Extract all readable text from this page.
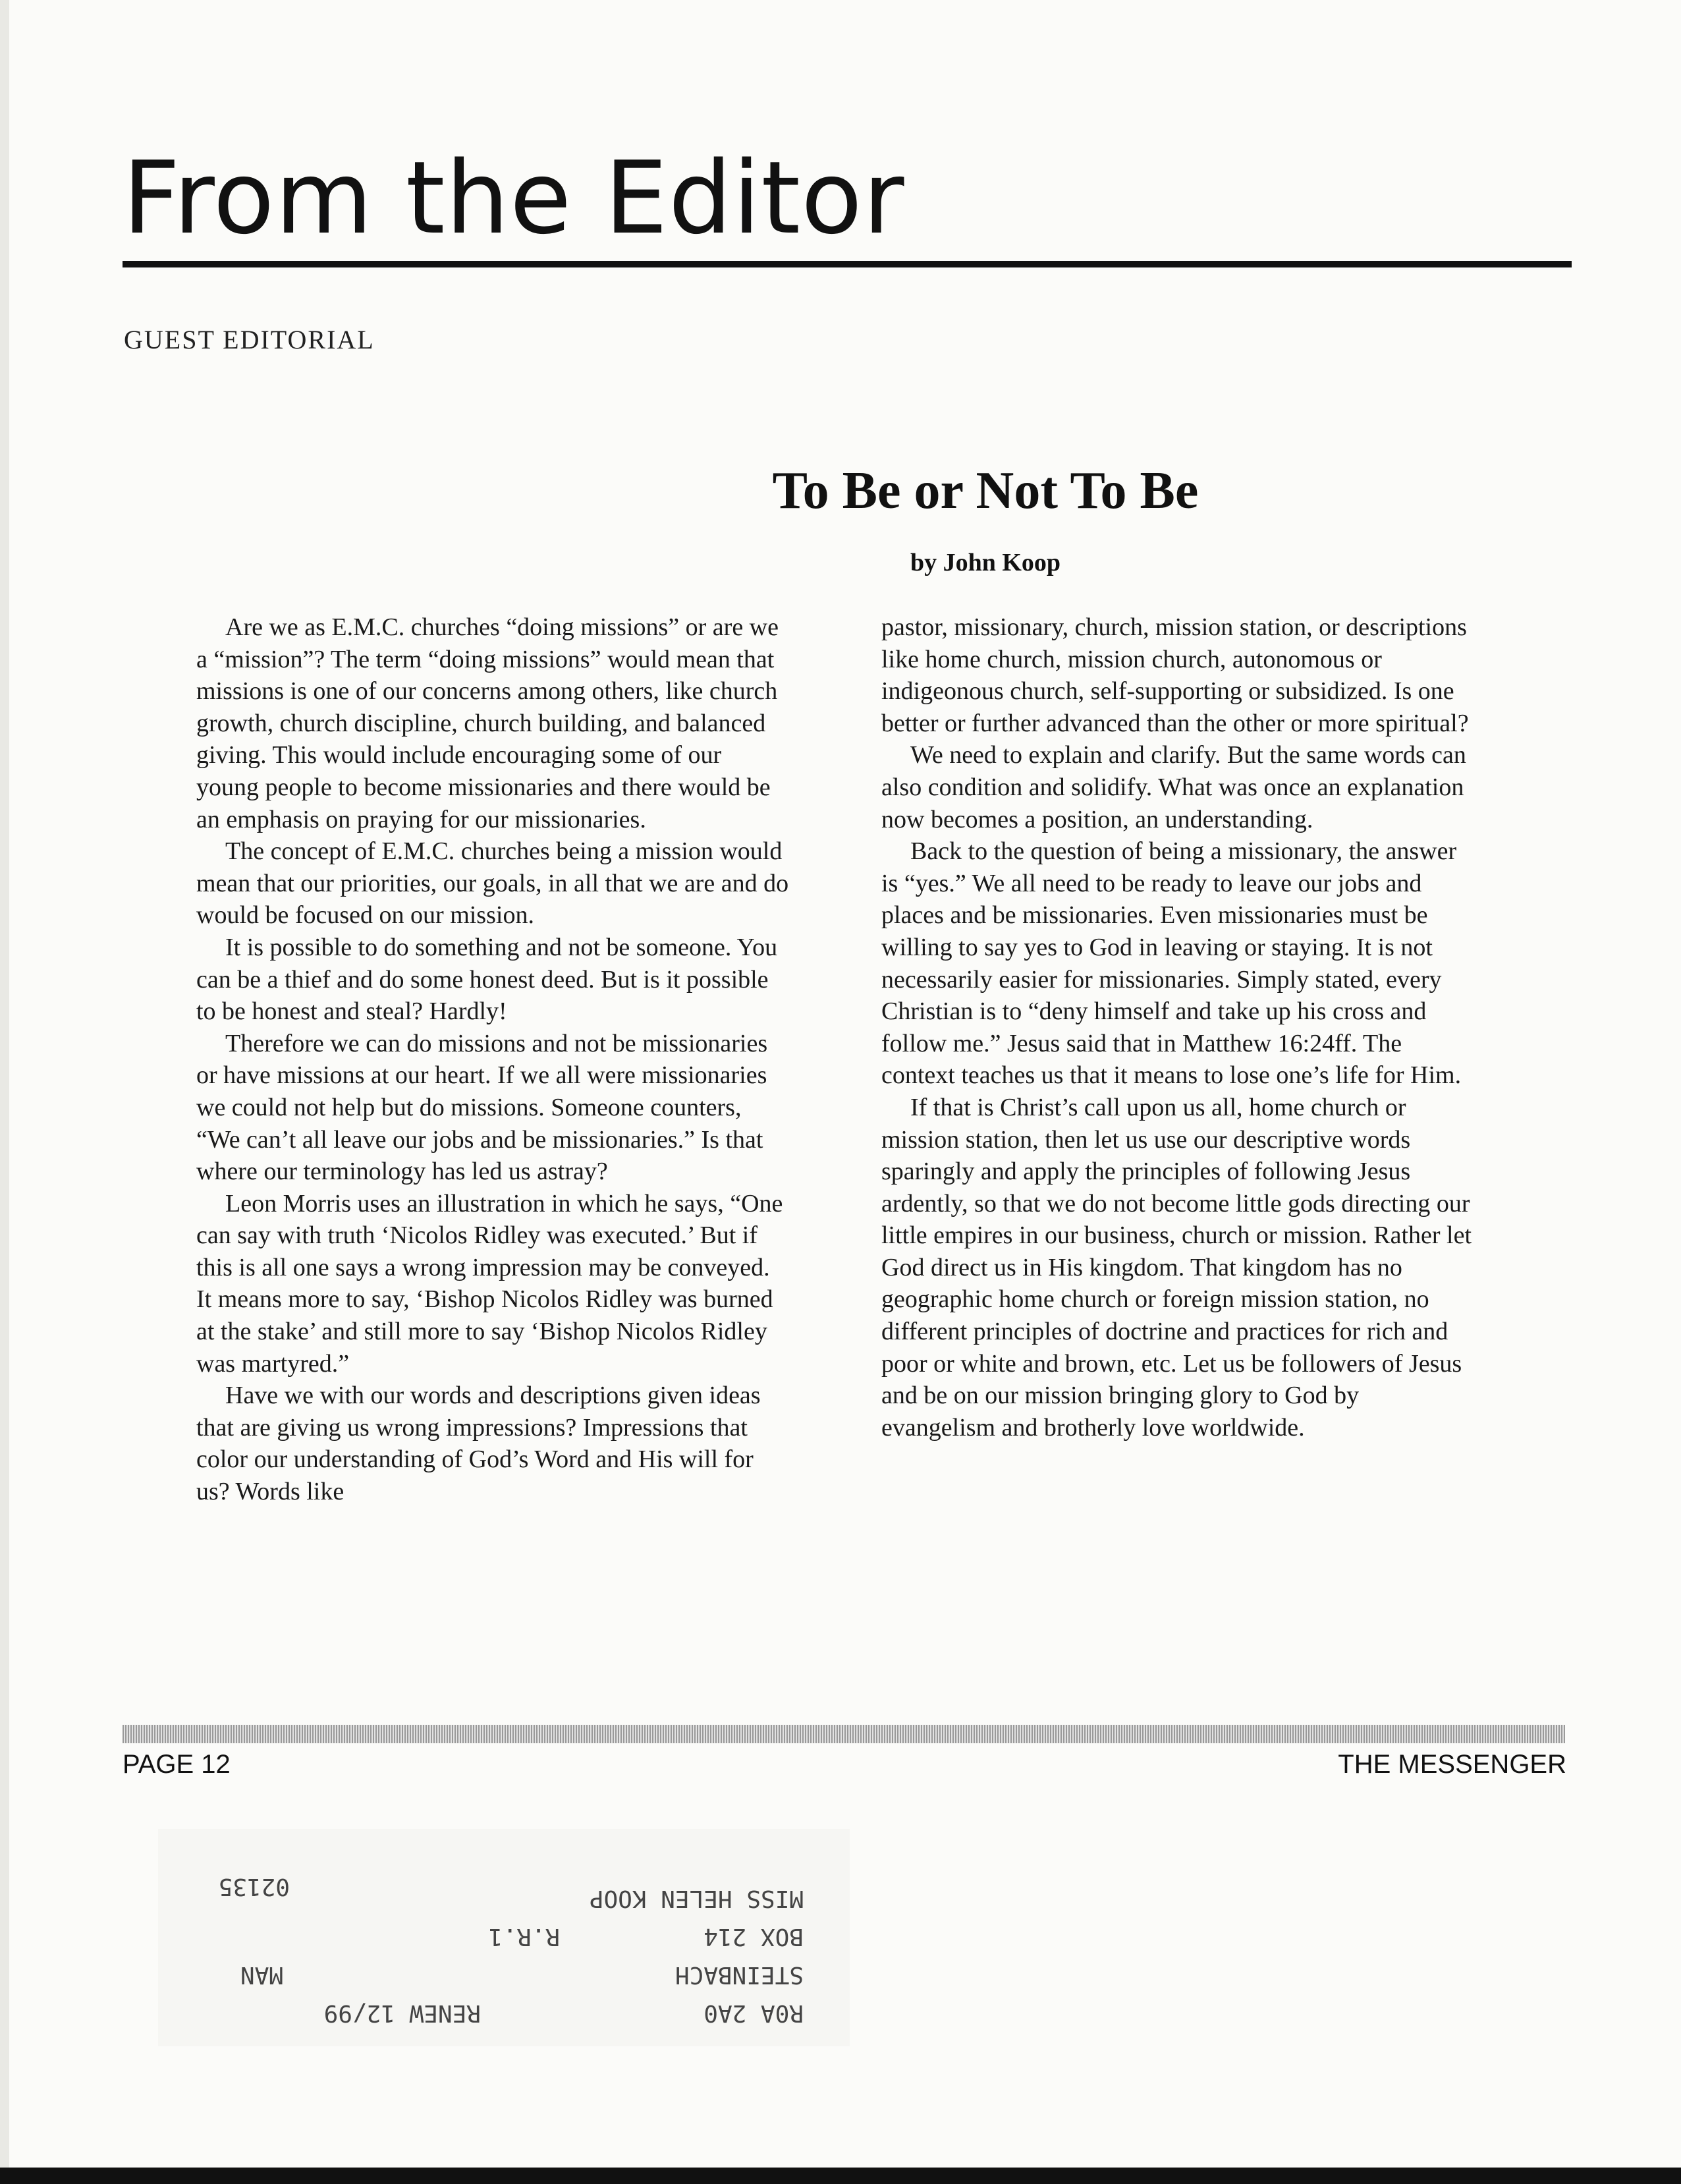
From the Editor
GUEST EDITORIAL
To Be or Not To Be
by John Koop

Are we as E.M.C. churches “doing missions” or are we a “mission”? The term “doing missions” would mean that missions is one of our concerns among others, like church growth, church discipline, church building, and balanced giving. This would include encouraging some of our young people to become missionaries and there would be an emphasis on praying for our missionaries.

The concept of E.M.C. churches being a mission would mean that our priorities, our goals, in all that we are and do would be focused on our mission.

It is possible to do something and not be someone. You can be a thief and do some honest deed. But is it possible to be honest and steal? Hardly!

Therefore we can do missions and not be missionaries or have missions at our heart. If we all were missionaries we could not help but do missions. Someone counters, “We can’t all leave our jobs and be missionaries.” Is that where our terminology has led us astray?

Leon Morris uses an illustration in which he says, “One can say with truth ‘Nicolos Ridley was executed.’ But if this is all one says a wrong impression may be conveyed. It means more to say, ‘Bishop Nicolos Ridley was burned at the stake’ and still more to say ‘Bishop Nicolos Ridley was martyred.”

Have we with our words and descriptions given ideas that are giving us wrong impressions? Impressions that color our understanding of God’s Word and His will for us? Words like

pastor, missionary, church, mission station, or descriptions like home church, mission church, autonomous or indigeonous church, self-supporting or subsidized. Is one better or further advanced than the other or more spiritual?

We need to explain and clarify. But the same words can also condition and solidify. What was once an explanation now becomes a position, an understanding.

Back to the question of being a missionary, the answer is “yes.” We all need to be ready to leave our jobs and places and be missionaries. Even missionaries must be willing to say yes to God in leaving or staying. It is not necessarily easier for missionaries. Simply stated, every Christian is to “deny himself and take up his cross and follow me.” Jesus said that in Matthew 16:24ff. The context teaches us that it means to lose one’s life for Him.

If that is Christ’s call upon us all, home church or mission station, then let us use our descriptive words sparingly and apply the principles of following Jesus ardently, so that we do not become little gods directing our little empires in our business, church or mission. Rather let God direct us in His kingdom. That kingdom has no geographic home church or foreign mission station, no different principles of doctrine and practices for rich and poor or white and brown, etc. Let us be followers of Jesus and be on our mission bringing glory to God by evangelism and brotherly love worldwide.

PAGE 12	THE MESSENGER
R0A 2A0
RENEW 12/99
STEINBACH
MAN
BOX 214
R.R.1
MISS HELEN KOOP
02135
